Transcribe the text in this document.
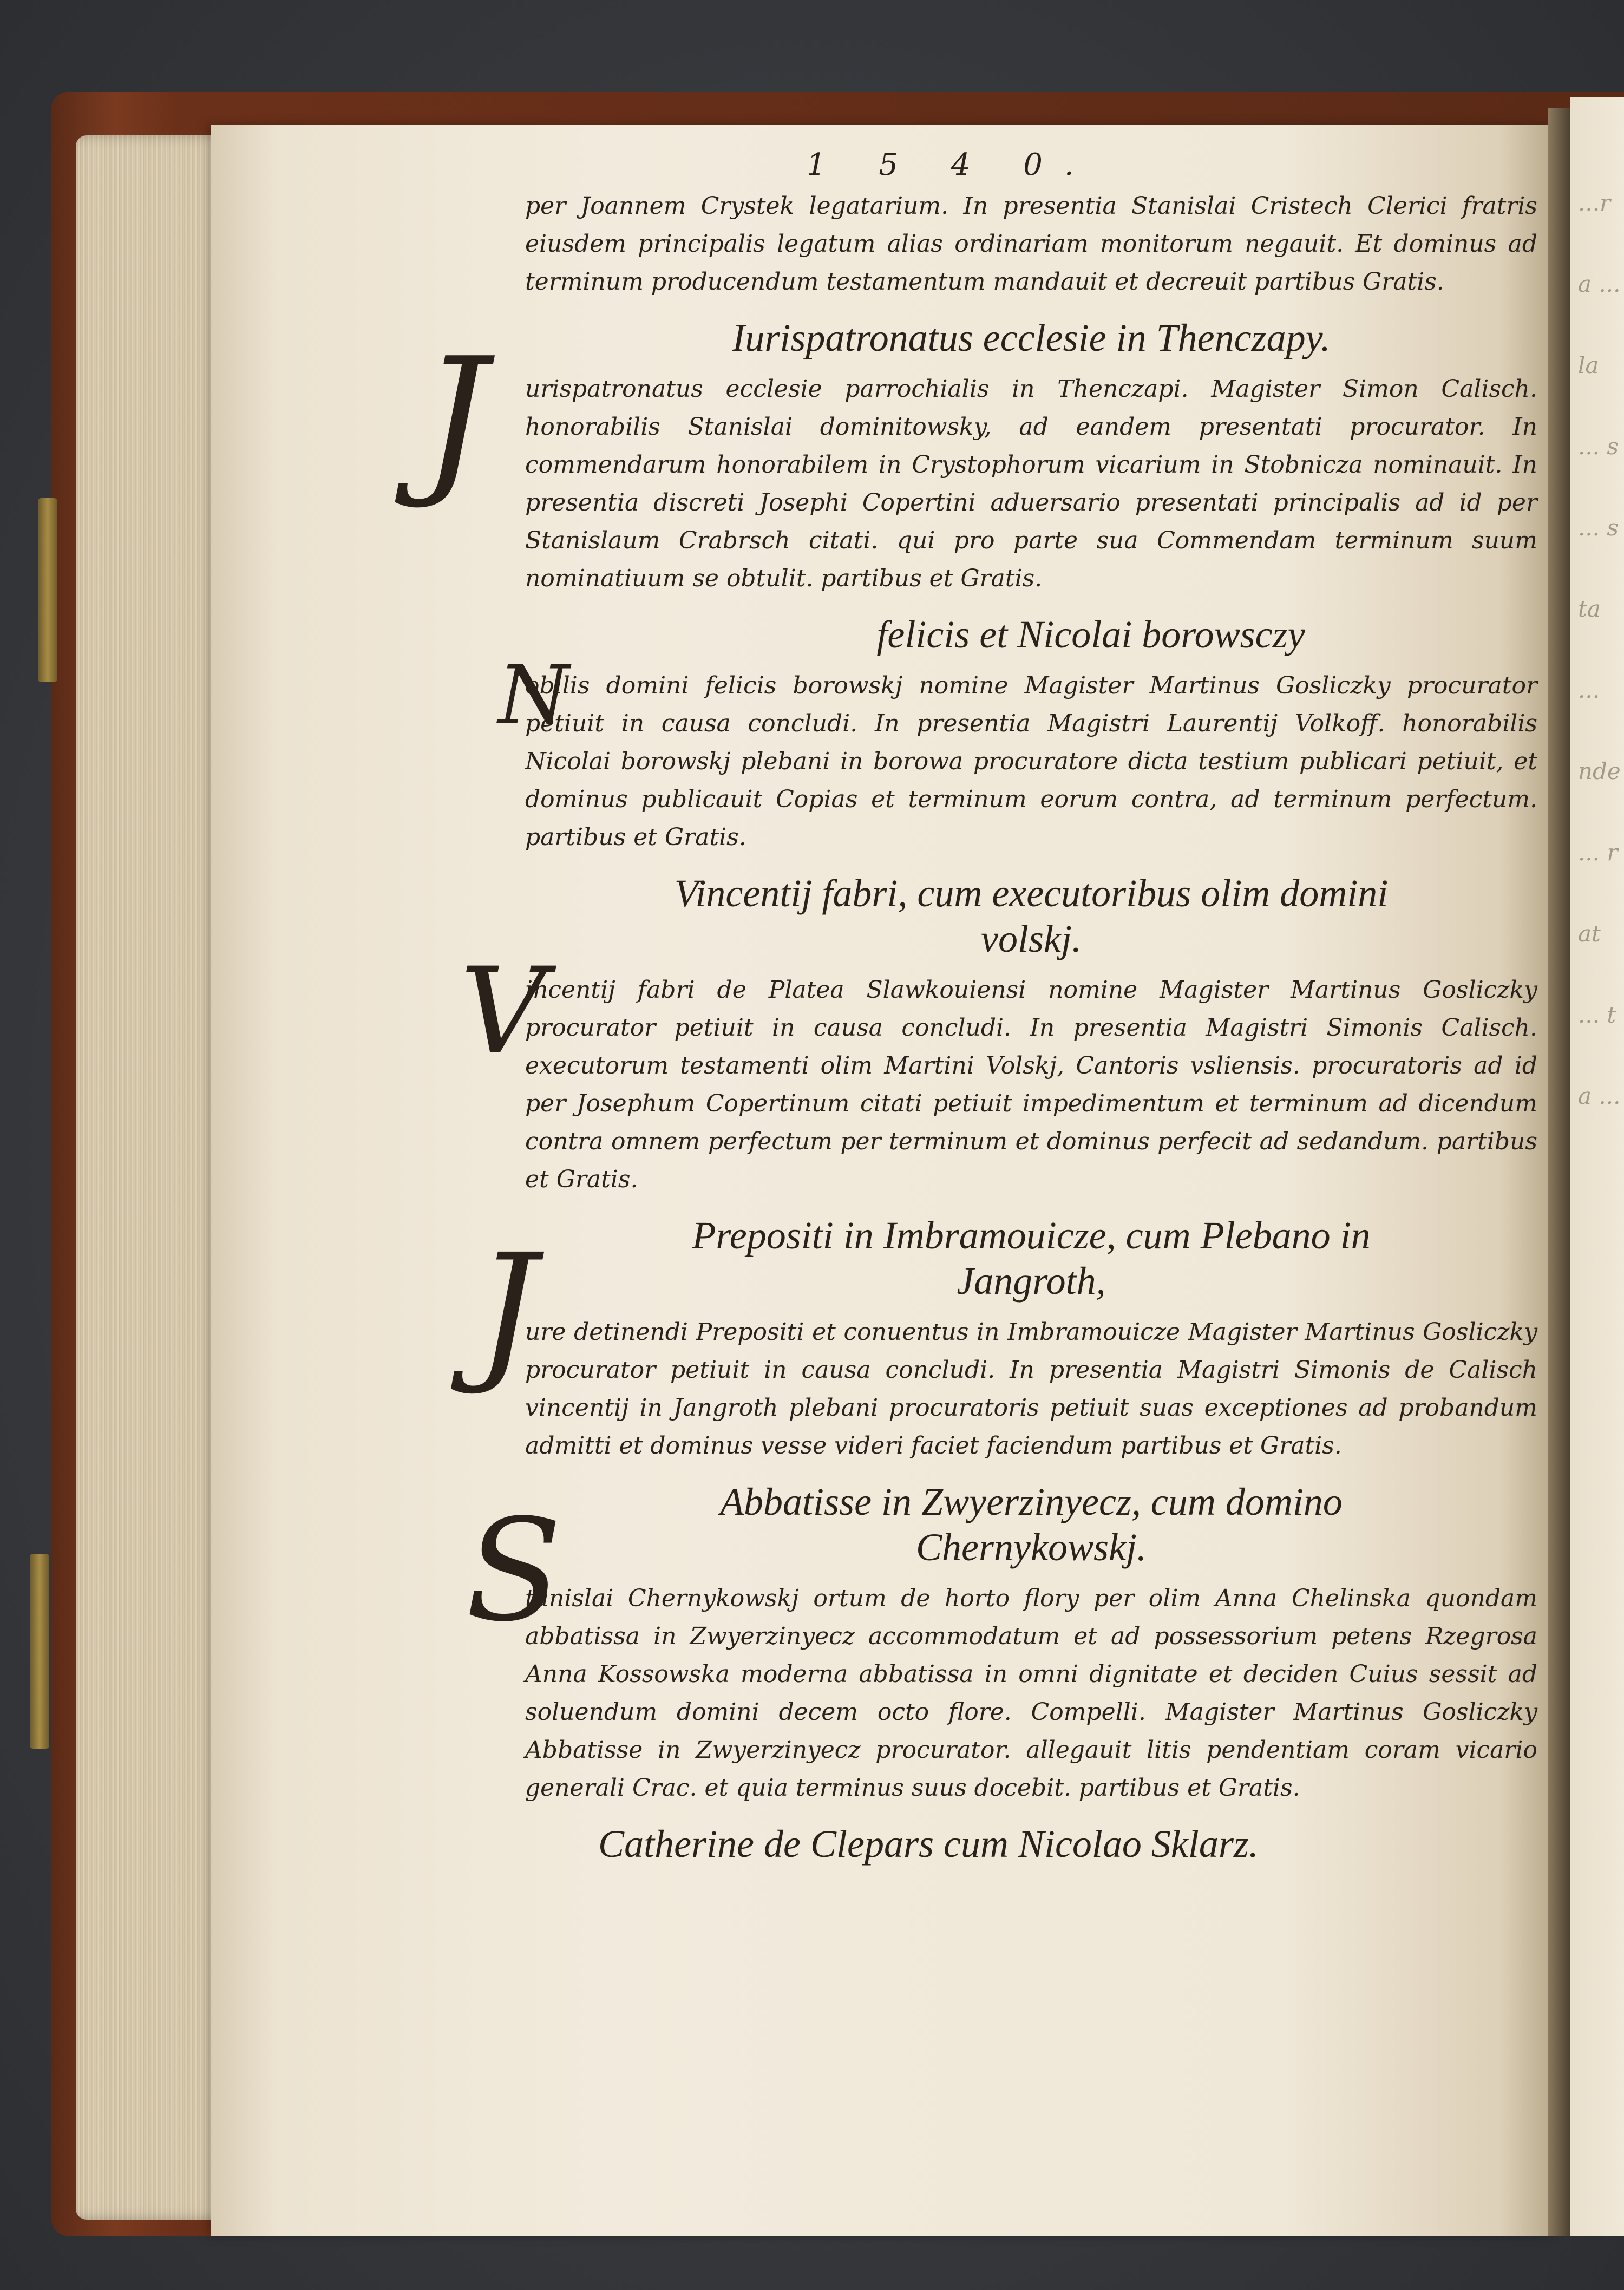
...ra ... la ... s ... sta ... nde ... rat ... ta ...
1 5 4 0.

per Joannem Crystek legatarium. In presentia Stanislai Cristech Clerici fratris eiusdem principalis legatum alias ordinariam monitorum negauit. Et dominus ad terminum producendum testamentum mandauit et decreuit partibus Gratis.

Iurispatronatus ecclesie in Thenczapy.
J urispatronatus ecclesie parrochialis in Thenczapi. Magister Simon Calisch. honorabilis Stanislai dominitowsky, ad eandem presentati procurator. In commendarum honorabilem in Crystophorum vicarium in Stobnicza nominauit. In presentia discreti Josephi Copertini aduersario presentati principalis ad id per Stanislaum Crabrsch citati. qui pro parte sua Commendam terminum suum nominatiuum se obtulit. partibus et Gratis.

felicis et Nicolai borowsczy
N

obilis domini felicis borowskj nomine Magister Martinus Gosliczky procurator petiuit in causa concludi. In presentia Magistri Laurentij Volkoff. honorabilis Nicolai borowskj plebani in borowa procuratore dicta testium publicari petiuit, et dominus publicauit Copias et terminum eorum contra, ad terminum perfectum. partibus et Gratis.

Vincentij fabri, cum executoribus olim domini volskj.
V

incentij fabri de Platea Slawkouiensi nomine Magister Martinus Gosliczky procurator petiuit in causa concludi. In presentia Magistri Simonis Calisch. executorum testamenti olim Martini Volskj, Cantoris vsliensis. procuratoris ad id per Josephum Copertinum citati petiuit impedimentum et terminum ad dicendum contra omnem perfectum per terminum et dominus perfecit ad sedandum. partibus et Gratis.

Prepositi in Imbramouicze, cum Plebano in Jangroth,
J

ure detinendi Prepositi et conuentus in Imbramouicze Magister Martinus Gosliczky procurator petiuit in causa concludi. In presentia Magistri Simonis de Calisch vincentij in Jangroth plebani procuratoris petiuit suas exceptiones ad probandum admitti et dominus vesse videri faciet faciendum partibus et Gratis.

Abbatisse in Zwyerzinyecz, cum domino Chernykowskj.
S

tanislai Chernykowskj ortum de horto flory per olim Anna Chelinska quondam abbatissa in Zwyerzinyecz accommodatum et ad possessorium petens Rzegrosa Anna Kossowska moderna abbatissa in omni dignitate et deciden Cuius sessit ad soluendum domini decem octo flore. Compelli. Magister Martinus Gosliczky Abbatisse in Zwyerzinyecz procurator. allegauit litis pendentiam coram vicario generali Crac. et quia terminus suus docebit. partibus et Gratis.

Catherine de Clepars cum Nicolao Sklarz.
